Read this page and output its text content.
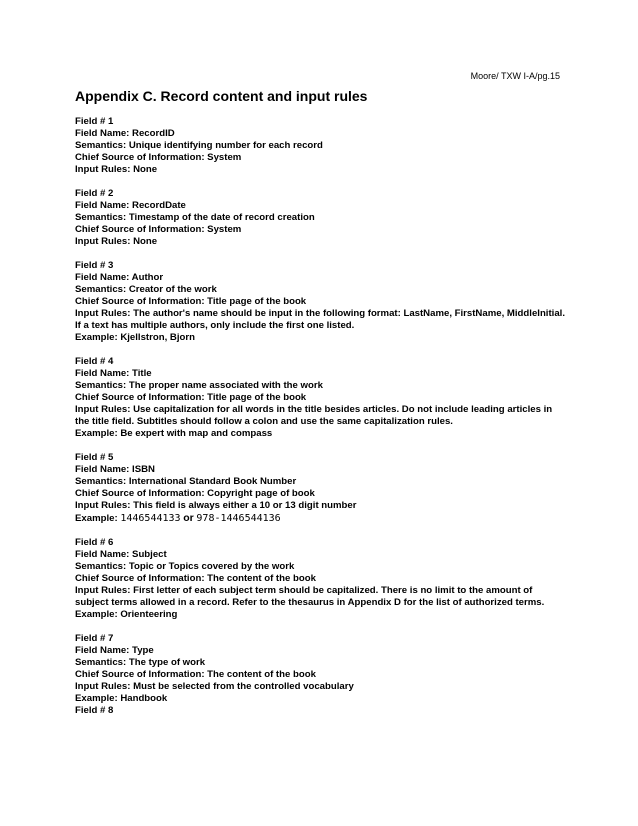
Moore/ TXW I-A/pg.15
Appendix C. Record content and input rules
Field # 1
Field Name: RecordID
Semantics: Unique identifying number for each record
Chief Source of Information: System
Input Rules: None
Field # 2
Field Name: RecordDate
Semantics: Timestamp of the date of record creation
Chief Source of Information: System
Input Rules: None
Field # 3
Field Name: Author
Semantics: Creator of the work
Chief Source of Information: Title page of the book
Input Rules: The author's name should be input in the following format: LastName, FirstName, MiddleInitial. If a text has multiple authors, only include the first one listed.
Example: Kjellstron, Bjorn
Field # 4
Field Name: Title
Semantics: The proper name associated with the work
Chief Source of Information: Title page of the book
Input Rules: Use capitalization for all words in the title besides articles. Do not include leading articles in the title field. Subtitles should follow a colon and use the same capitalization rules.
Example: Be expert with map and compass
Field # 5
Field Name: ISBN
Semantics: International Standard Book Number
Chief Source of Information: Copyright page of book
Input Rules: This field is always either a 10 or 13 digit number
Example: 1446544133 or 978-1446544136
Field # 6
Field Name: Subject
Semantics: Topic or Topics covered by the work
Chief Source of Information: The content of the book
Input Rules: First letter of each subject term should be capitalized. There is no limit to the amount of subject terms allowed in a record. Refer to the thesaurus in Appendix D for the list of authorized terms.
Example: Orienteering
Field # 7
Field Name: Type
Semantics: The type of work
Chief Source of Information: The content of the book
Input Rules: Must be selected from the controlled vocabulary
Example: Handbook
Field # 8
